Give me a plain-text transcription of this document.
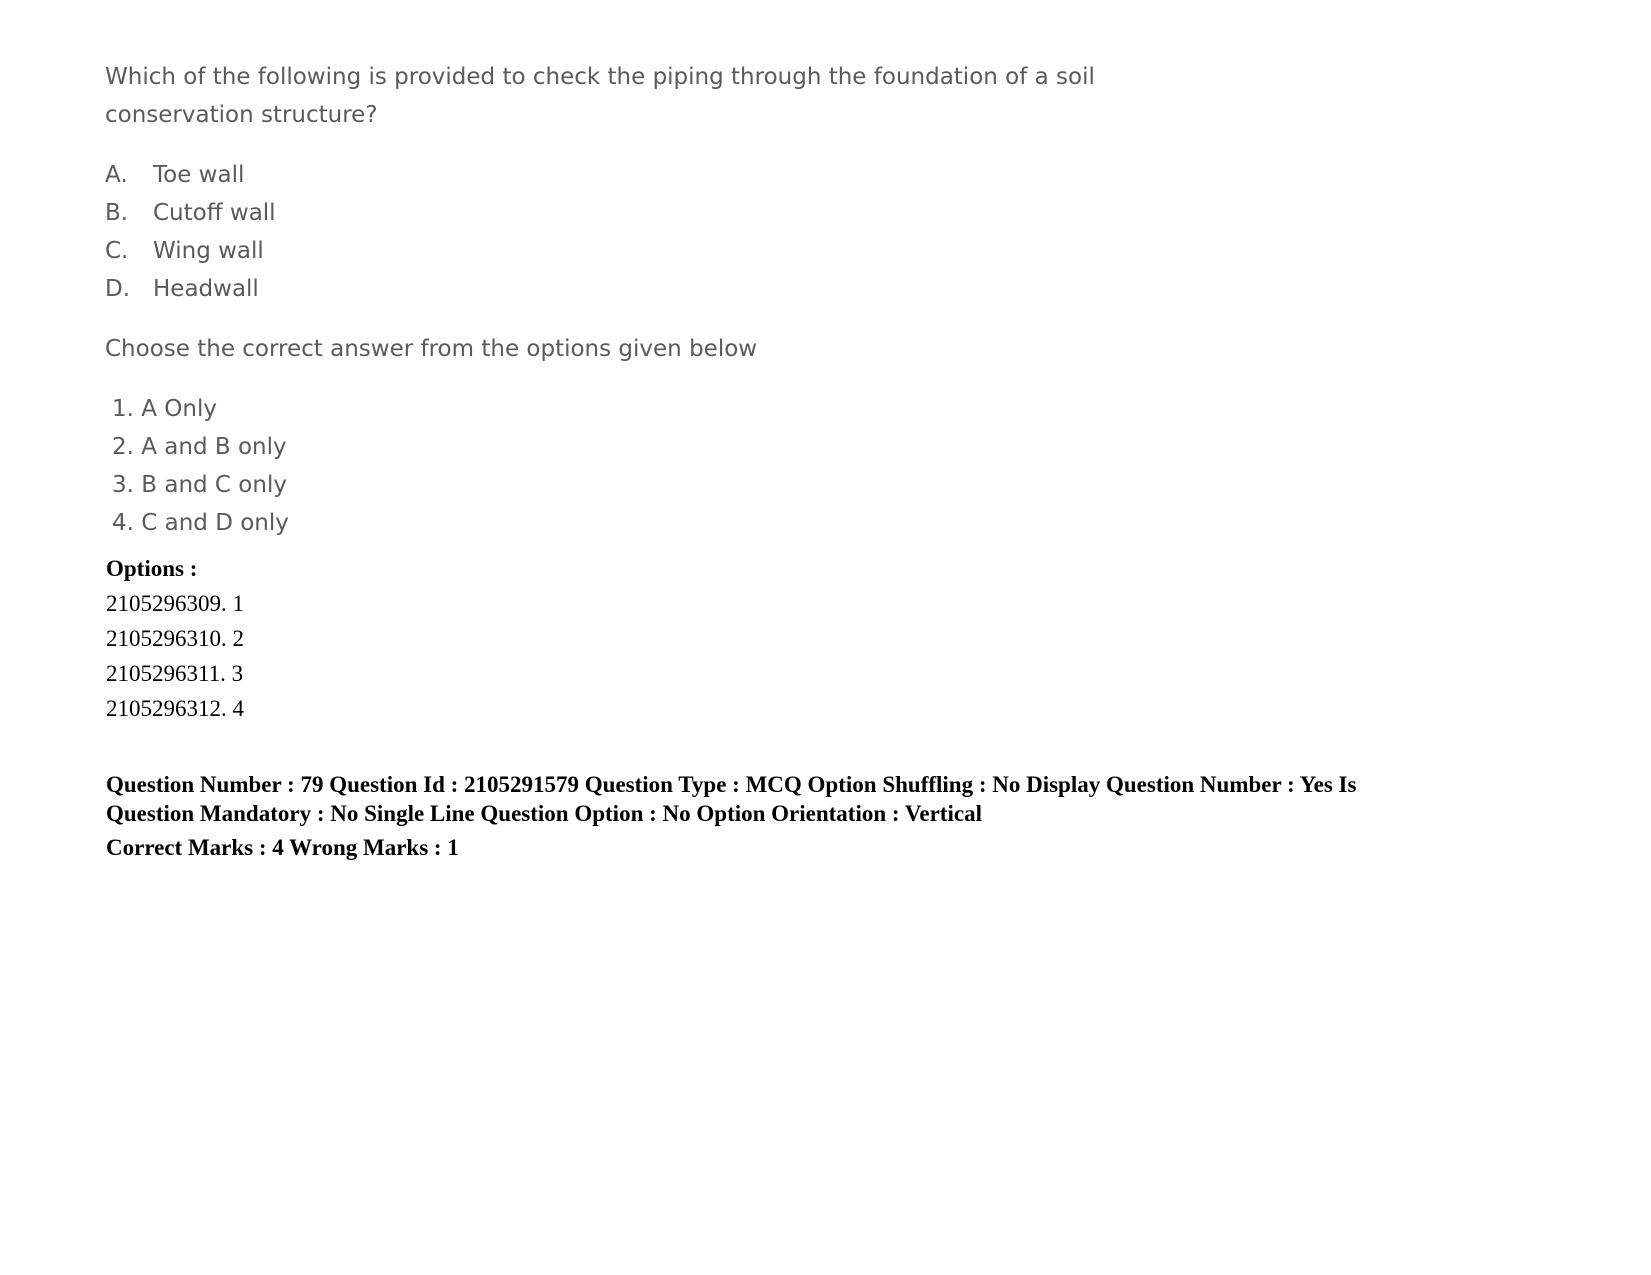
Which of the following is provided to check the piping through the foundation of a soil conservation structure?

A. Toe wall
B. Cutoff wall
C. Wing wall
D. Headwall
Choose the correct answer from the options given below
1. A Only
2. A and B only
3. B and C only
4. C and D only
Options :
2105296309. 1
2105296310. 2
2105296311. 3
2105296312. 4
Question Number : 79 Question Id : 2105291579 Question Type : MCQ Option Shuffling : No Display Question Number : Yes Is
Question Mandatory : No Single Line Question Option : No Option Orientation : Vertical
Correct Marks : 4 Wrong Marks : 1
